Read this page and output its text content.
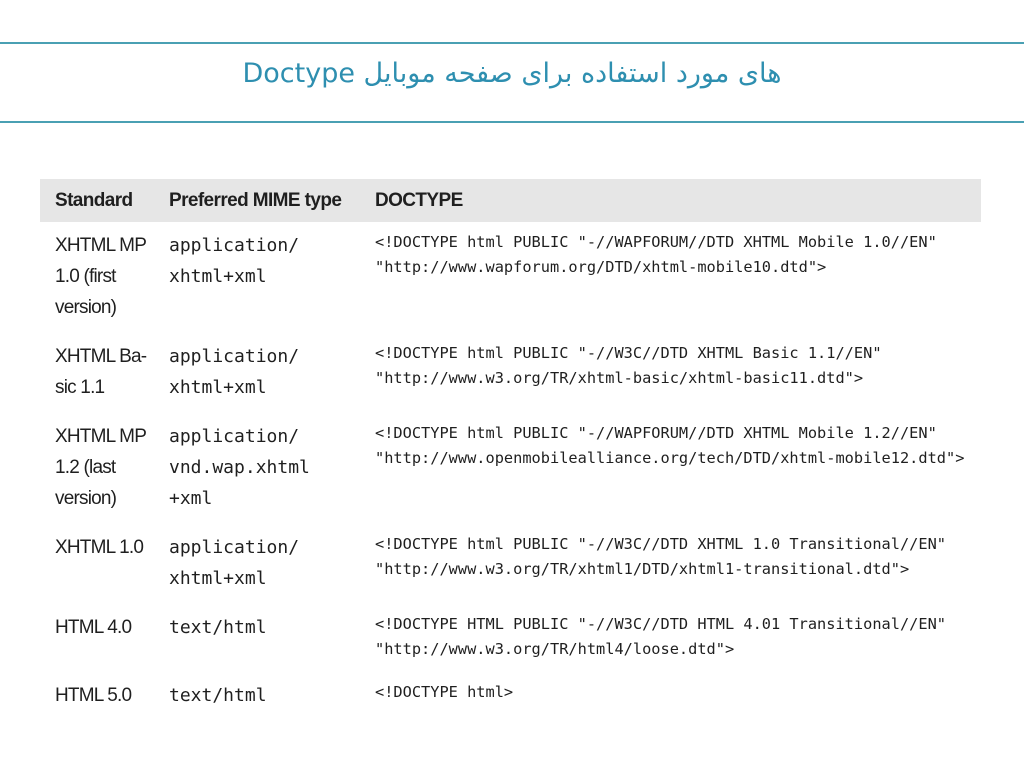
Doctype های مورد استفاده برای صفحه موبایل
Standard	Preferred MIME type	DOCTYPE

XHTML MP
1.0 (first
version)	application/
xhtml+xml	<!DOCTYPE html PUBLIC "-//WAPFORUM//DTD XHTML Mobile 1.0//EN"
"http://www.wapforum.org/DTD/xhtml-mobile10.dtd">

XHTML Ba-
sic 1.1	application/
xhtml+xml	<!DOCTYPE html PUBLIC "-//W3C//DTD XHTML Basic 1.1//EN"
"http://www.w3.org/TR/xhtml-basic/xhtml-basic11.dtd">

XHTML MP
1.2 (last
version)	application/
vnd.wap.xhtml
+xml	<!DOCTYPE html PUBLIC "-//WAPFORUM//DTD XHTML Mobile 1.2//EN"
"http://www.openmobilealliance.org/tech/DTD/xhtml-mobile12.dtd">

XHTML 1.0	application/
xhtml+xml	<!DOCTYPE html PUBLIC "-//W3C//DTD XHTML 1.0 Transitional//EN"
"http://www.w3.org/TR/xhtml1/DTD/xhtml1-transitional.dtd">

HTML 4.0	text/html	<!DOCTYPE HTML PUBLIC "-//W3C//DTD HTML 4.01 Transitional//EN"
"http://www.w3.org/TR/html4/loose.dtd">

HTML 5.0	text/html	<!DOCTYPE html>
